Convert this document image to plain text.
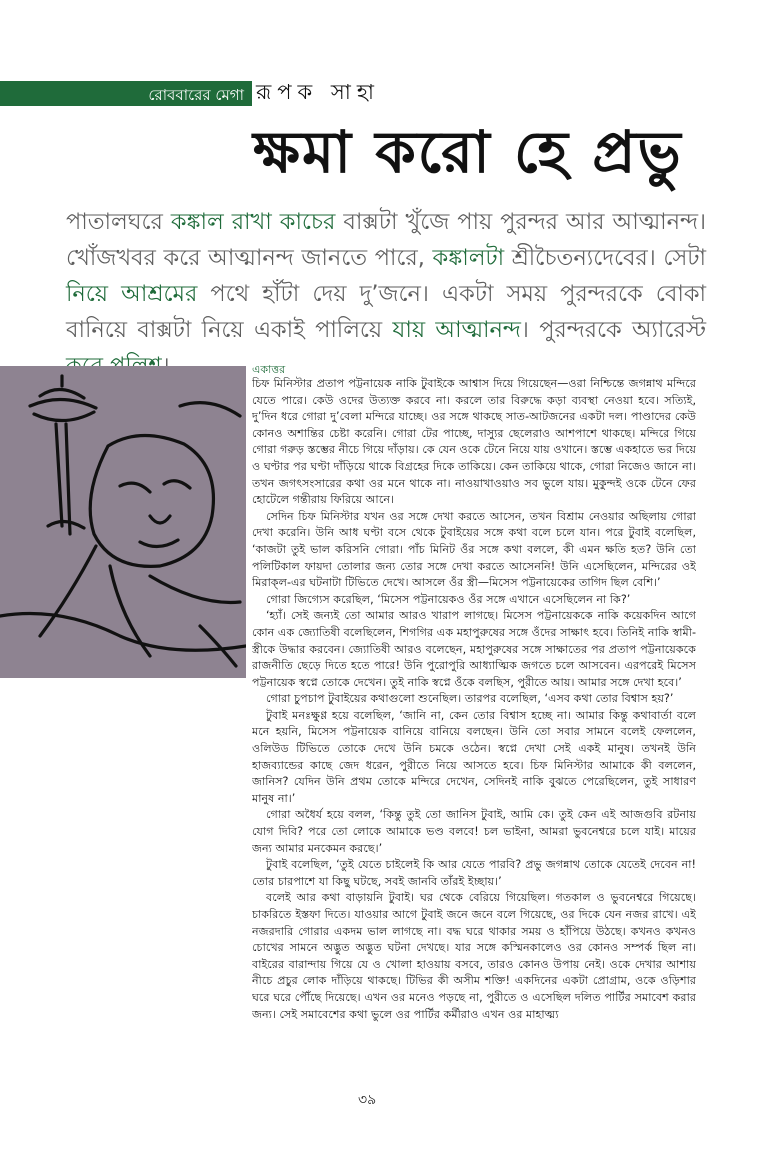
রোববারের মেগা রূপক সাহা
ক্ষমা করো হে প্রভু
পাতালঘরে কঙ্কাল রাখা কাচের বাক্সটা খুঁজে পায় পুরন্দর আর আত্মানন্দ। খোঁজখবর করে আত্মানন্দ জানতে পারে, কঙ্কালটা শ্রীচৈতন্যদেবের। সেটা নিয়ে আশ্রমের পথে হাঁটা দেয় দু’জনে। একটা সময় পুরন্দরকে বোকা বানিয়ে বাক্সটা নিয়ে একাই পালিয়ে যায় আত্মানন্দ। পুরন্দরকে অ্যারেস্ট
একাত্তর

চিফ মিনিস্টার প্রতাপ পট্টনায়েক নাকি টুবাইকে আশ্বাস দিয়ে গিয়েছেন—ওরা নিশ্চিন্তে জগন্নাথ মন্দিরে যেতে পারে। কেউ ওদের উত্যক্ত করবে না। করলে তার বিরুদ্ধে কড়া ব্যবস্থা নেওয়া হবে। সত্যিই, দু’দিন ধরে গোরা দু’বেলা মন্দিরে যাচ্ছে। ওর সঙ্গে থাকছে সাত-আটজনের একটা দল। পাণ্ডাদের কেউ কোনও অশান্তির চেষ্টা করেনি। গোরা টের পাচ্ছে, দাস্যুর ছেলেরাও আশপাশে থাকছে। মন্দিরে গিয়ে গোরা গরুড় স্তম্ভের নীচে গিয়ে দাঁড়ায়। কে যেন ওকে টেনে নিয়ে যায় ওখানে। স্তম্ভে একহাতে ভর দিয়ে ও ঘণ্টার পর ঘণ্টা দাঁড়িয়ে থাকে বিগ্রহের দিকে তাকিয়ে। কেন তাকিয়ে থাকে, গোরা নিজেও জানে না। তখন জগৎসংসারের কথা ওর মনে থাকে না। নাওয়াখাওয়াও সব ভুলে যায়। মুকুন্দই ওকে টেনে ফের হোটেলে গন্তীরায় ফিরিয়ে আনে।

সেদিন চিফ মিনিস্টার যখন ওর সঙ্গে দেখা করতে আসেন, তখন বিশ্রাম নেওয়ার অছিলায় গোরা দেখা করেনি। উনি আধ ঘণ্টা বসে থেকে টুবাইয়ের সঙ্গে কথা বলে চলে যান। পরে টুবাই বলেছিল, ‘কাজটা তুই ভাল করিসনি গোরা। পাঁচ মিনিট ওঁর সঙ্গে কথা বললে, কী এমন ক্ষতি হত? উনি তো পলিটিকাল ফায়দা তোলার জন্য তোর সঙ্গে দেখা করতে আসেননি! উনি এসেছিলেন, মন্দিরের ওই মিরাক্‌ল-এর ঘটনাটা টিভিতে দেখে। আসলে ওঁর স্ত্রী—মিসেস পট্টনায়েকের তাগিদ ছিল বেশি।’

গোরা জিগ্যেস করেছিল, ‘মিসেস পট্টনায়েকও ওঁর সঙ্গে এখানে এসেছিলেন না কি?’

‘হ্যাঁ। সেই জন্যই তো আমার আরও খারাপ লাগছে। মিসেস পট্টনায়েককে নাকি কয়েকদিন আগে কোন এক জ্যোতিষী বলেছিলেন, শিগগির এক মহাপুরুষের সঙ্গে ওঁদের সাক্ষাৎ হবে। তিনিই নাকি স্বামী-স্ত্রীকে উদ্ধার করবেন। জ্যোতিষী আরও বলেছেন, মহাপুরুষের সঙ্গে সাক্ষাতের পর প্রতাপ পট্টনায়েককে রাজনীতি ছেড়ে দিতে হতে পারে! উনি পুরোপুরি আধ্যাত্মিক জগতে চলে আসবেন। এরপরেই মিসেস পট্টনায়েক স্বপ্নে তোকে দেখেন। তুই নাকি স্বপ্নে ওঁকে বলছিস, পুরীতে আয়। আমার সঙ্গে দেখা হবে।’

গোরা চুপচাপ টুবাইয়ের কথাগুলো শুনেছিল। তারপর বলেছিল, ‘এসব কথা তোর বিশ্বাস হয়?’

টুবাই মনঃক্ষুণ্ণ হয়ে বলেছিল, ‘জানি না, কেন তোর বিশ্বাস হচ্ছে না। আমার কিন্তু কথাবার্তা বলে মনে হয়নি, মিসেস পট্টনায়েক বানিয়ে বানিয়ে বলছেন। উনি তো সবার সামনে বলেই ফেললেন, ওলিউড টিভিতে তোকে দেখে উনি চমকে ওঠেন। স্বপ্নে দেখা সেই একই মানুষ। তখনই উনি হাজব্যান্ডের কাছে জেদ ধরেন, পুরীতে নিয়ে আসতে হবে। চিফ মিনিস্টার আমাকে কী বললেন, জানিস? যেদিন উনি প্রথম তোকে মন্দিরে দেখেন, সেদিনই নাকি বুঝতে পেরেছিলেন, তুই সাধারণ মানুষ না।’

গোরা অধৈর্য হয়ে বলল, ‘কিন্তু তুই তো জানিস টুবাই, আমি কে। তুই কেন এই আজগুবি রটনায় যোগ দিবি? পরে তো লোকে আমাকে ভণ্ড বলবে! চল ভাইনা, আমরা ভুবনেশ্বরে চলে যাই। মায়ের জন্য আমার মনকেমন করছে।’

টুবাই বলেছিল, ‘তুই যেতে চাইলেই কি আর যেতে পারবি? প্রভু জগন্নাথ তোকে যেতেই দেবেন না! তোর চারপাশে যা কিছু ঘটছে, সবই জানবি তাঁরই ইচ্ছায়।’

বলেই আর কথা বাড়ায়নি টুবাই। ঘর থেকে বেরিয়ে গিয়েছিল। গতকাল ও ভুবনেশ্বরে গিয়েছে। চাকরিতে ইস্তফা দিতে। যাওয়ার আগে টুবাই জনে জনে বলে গিয়েছে, ওর দিকে যেন নজর রাখে। এই নজরদারি গোরার একদম ভাল লাগছে না। বদ্ধ ঘরে থাকার সময় ও হাঁপিয়ে উঠছে। কখনও কখনও চোখের সামনে অদ্ভুত অদ্ভুত ঘটনা দেখছে। যার সঙ্গে কস্মিনকালেও ওর কোনও সম্পর্ক ছিল না। বাইরের বারান্দায় গিয়ে যে ও খোলা হাওয়ায় বসবে, তারও কোনও উপায় নেই। ওকে দেখার আশায় নীচে প্রচুর লোক দাঁড়িয়ে থাকছে। টিভির কী অসীম শক্তি! একদিনের একটা প্রোগ্রাম, ওকে ওড়িশার ঘরে ঘরে পৌঁছে দিয়েছে। এখন ওর মনেও পড়ছে না, পুরীতে ও এসেছিল দলিত পার্টির সমাবেশ করার জন্য। সেই সমাবেশের কথা ভুলে ওর পার্টির কর্মীরাও এখন ওর মাহাত্ম্য

৩৯
